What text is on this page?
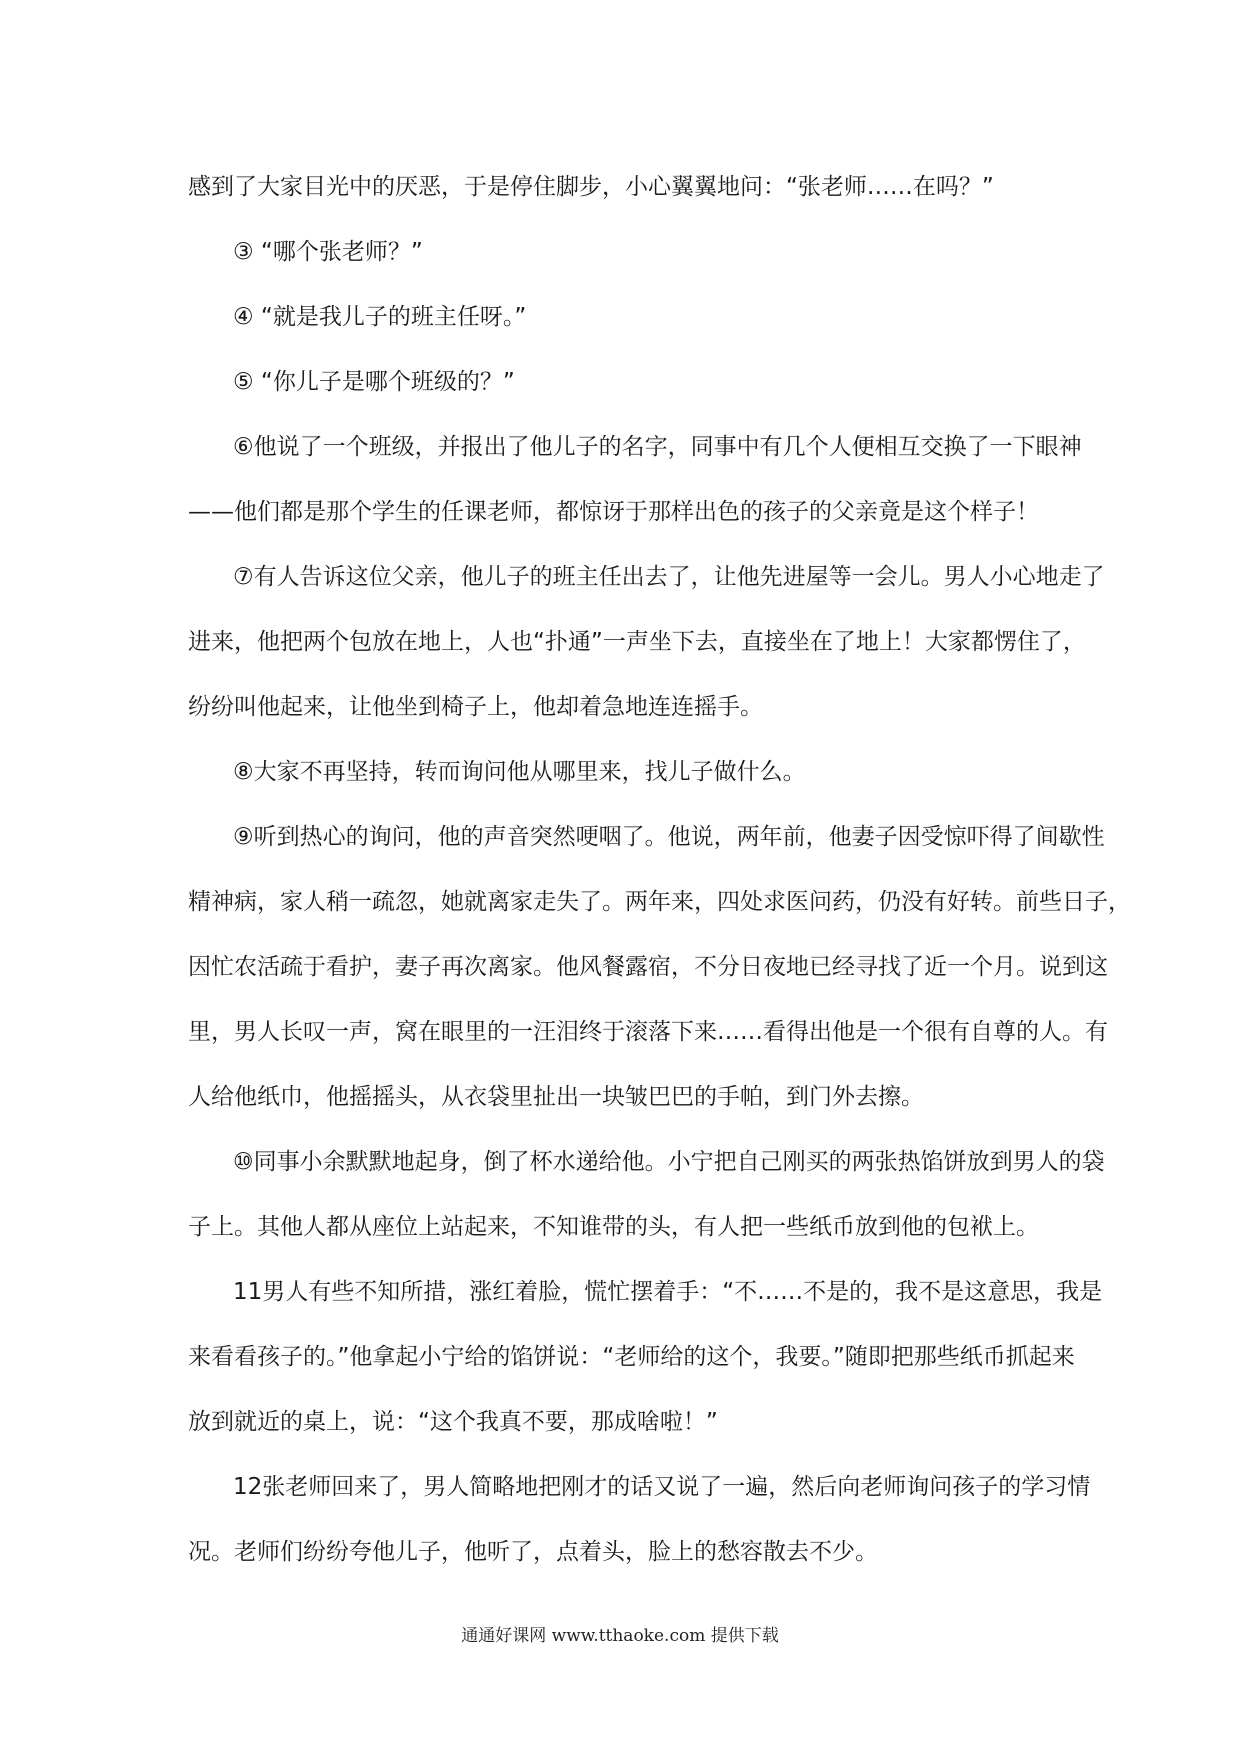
感到了大家目光中的厌恶，于是停住脚步，小心翼翼地问：“张老师……在吗？”
③ “哪个张老师？”
④ “就是我儿子的班主任呀。”
⑤ “你儿子是哪个班级的？”
⑥他说了一个班级，并报出了他儿子的名字，同事中有几个人便相互交换了一下眼神
——他们都是那个学生的任课老师，都惊讶于那样出色的孩子的父亲竟是这个样子！
⑦有人告诉这位父亲，他儿子的班主任出去了，让他先进屋等一会儿。男人小心地走了
进来，他把两个包放在地上，人也“扑通”一声坐下去，直接坐在了地上！大家都愣住了，
纷纷叫他起来，让他坐到椅子上，他却着急地连连摇手。
⑧大家不再坚持，转而询问他从哪里来，找儿子做什么。
⑨听到热心的询问，他的声音突然哽咽了。他说，两年前，他妻子因受惊吓得了间歇性
精神病，家人稍一疏忽，她就离家走失了。两年来，四处求医问药，仍没有好转。前些日子，
因忙农活疏于看护，妻子再次离家。他风餐露宿，不分日夜地已经寻找了近一个月。说到这
里，男人长叹一声，窝在眼里的一汪泪终于滚落下来……看得出他是一个很有自尊的人。有
人给他纸巾，他摇摇头，从衣袋里扯出一块皱巴巴的手帕，到门外去擦。
⑩同事小余默默地起身，倒了杯水递给他。小宁把自己刚买的两张热馅饼放到男人的袋
子上。其他人都从座位上站起来，不知谁带的头，有人把一些纸币放到他的包袱上。
11男人有些不知所措，涨红着脸，慌忙摆着手：“不……不是的，我不是这意思，我是
来看看孩子的。”他拿起小宁给的馅饼说：“老师给的这个，我要。”随即把那些纸币抓起来
放到就近的桌上，说：“这个我真不要，那成啥啦！”
12张老师回来了，男人简略地把刚才的话又说了一遍，然后向老师询问孩子的学习情
况。老师们纷纷夸他儿子，他听了，点着头，脸上的愁容散去不少。
通通好课网 www.tthaoke.com 提供下载
